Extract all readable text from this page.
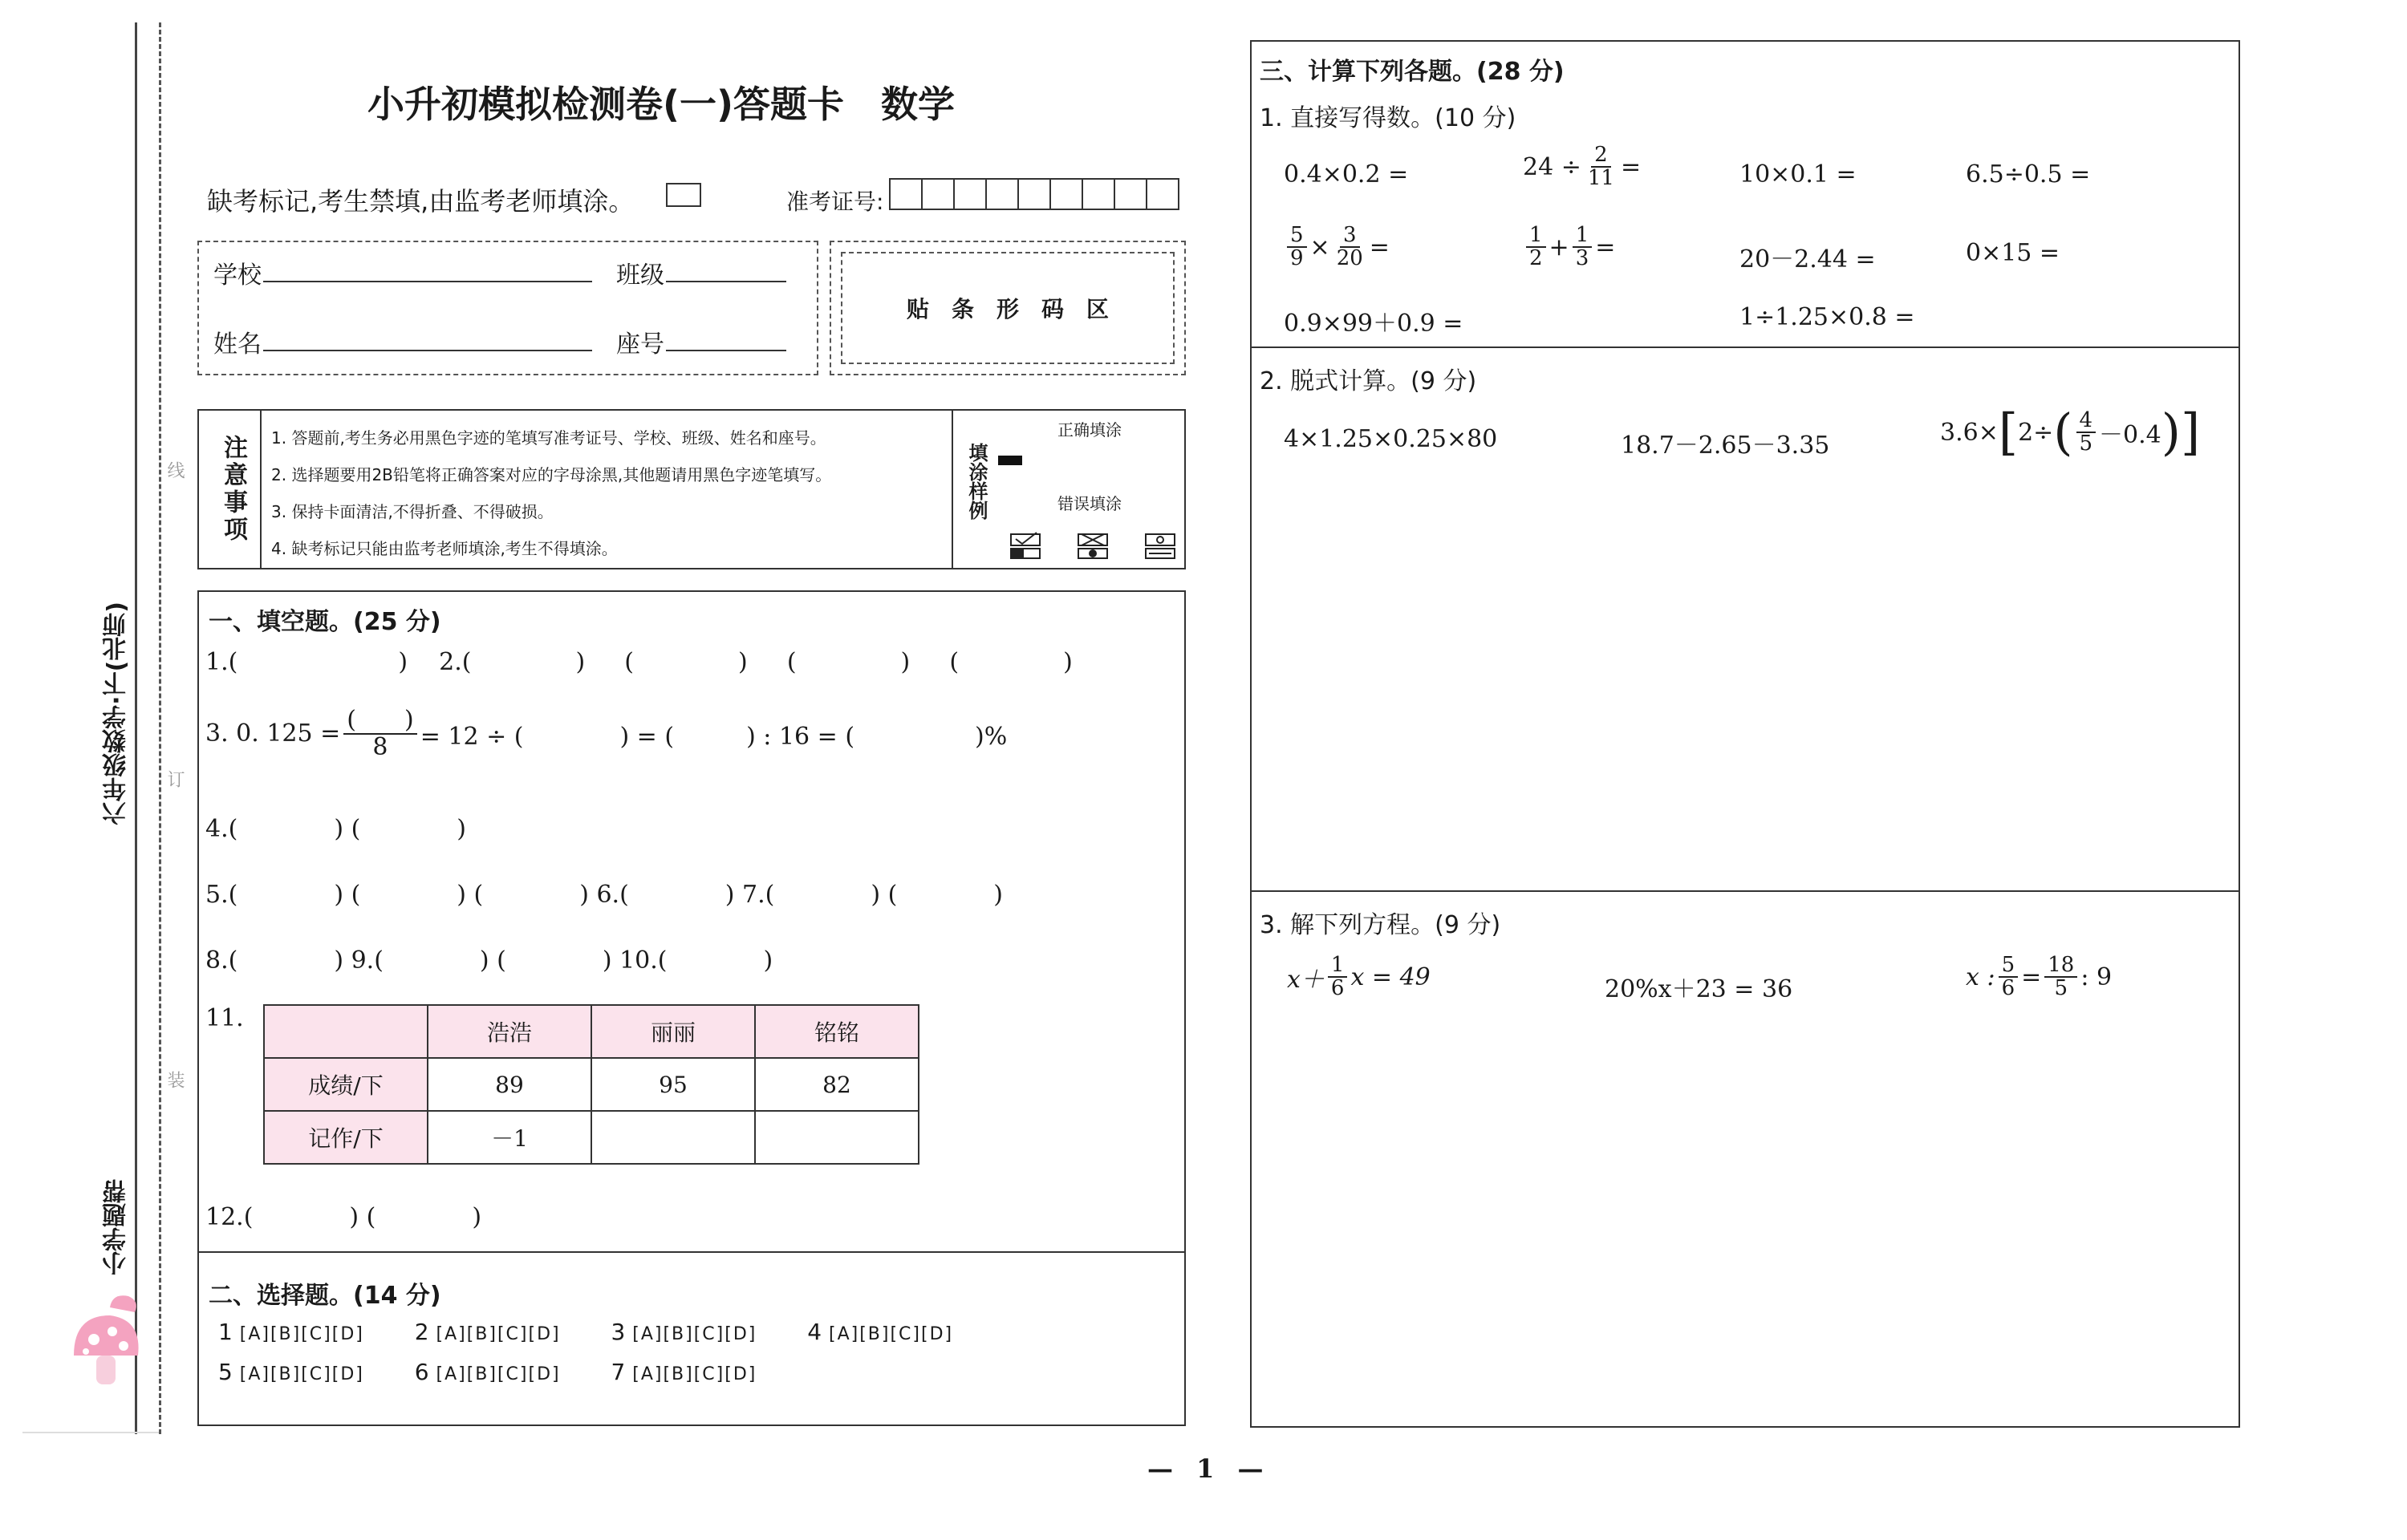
线
订
装
六年级数学·下(北师)
小学题帮
小升初模拟检测卷(一)答题卡　数学
缺考标记,考生禁填,由监考老师填涂。	准考证号:
学校	班级
姓名	座号
贴　条　形　码　区
注意事项 1. 答题前,考生务必用黑色字迹的笔填写准考证号、学校、班级、姓名和座号。
2. 选择题要用2B铅笔将正确答案对应的字母涂黑,其他题请用黑色字迹笔填写。
3. 保持卡面清洁,不得折叠、不得破损。
4. 缺考标记只能由监考老师填涂,考生不得填涂。
填涂样例
正确填涂
错误填涂
一、填空题。(25 分)
1.(	) 2.(	) (	) (	) (	)
3. 0. $125 = \frac{( )}{8} = 12$ ÷ (　　　　) = (　　　) : 16 = (　　　　　)%
4.(　　　　) (　　　　)
5.(　　　　) (　　　　) (　　　　) 6.(　　　　) 7.(　　　　) (　　　　)
8.(　　　　) 9.(　　　　) (　　　　) 10.(　　　　)
11.
	浩浩	丽丽	铭铭
成绩/下	89	95	82
记作/下	－1		
12.(　　　　) (　　　　)
二、选择题。(14 分)
1 [A][B][C][D] 2 [A][B][C][D] 3 [A][B][C][D] 4 [A][B][C][D]
5 [A][B][C][D] 6 [A][B][C][D] 7 [A][B][C][D]
三、计算下列各题。(28 分)
1. 直接写得数。(10 分)
0.4×0.2 =	$24 \div \frac{2}{11}$ =	10×0.1 =	6.5÷0.5 =
$\frac{5}{9} \times \frac{3}{20}$ =	$\frac{1}{2} + \frac{1}{3}$ =	20－2.44 =	0×15 =
0.9×99＋0.9 =	1÷1.25×0.8 =
2. 脱式计算。(9 分)
4×1.25×0.25×80	18.7－2.65－3.35	3.6× [ 2÷ ( $\frac{4}{5} -0.4$ ) ]
3. 解下列方程。(9 分)
$x+ \frac{1}{6}$ x = 49	20%x＋23 = 36	x : $\frac{5}{6} = \frac{18}{5}$ : 9
— 1 —
